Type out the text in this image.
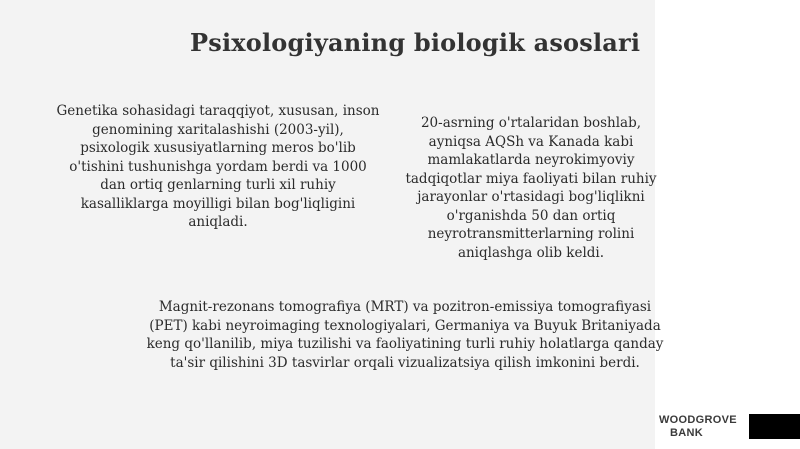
Psixologiyaning biologik asoslari
Genetika sohasidagi taraqqiyot, xususan, inson genomining xaritalashishi (2003-yil), psixologik xususiyatlarning meros bo'lib o'tishini tushunishga yordam berdi va 1000 dan ortiq genlarning turli xil ruhiy kasalliklarga moyilligi bilan bog'liqligini aniqladi.
20-asrning o'rtalaridan boshlab, ayniqsa AQSh va Kanada kabi mamlakatlarda neyrokimyoviy tadqiqotlar miya faoliyati bilan ruhiy jarayonlar o'rtasidagi bog'liqlikni o'rganishda 50 dan ortiq neyrotransmitterlarning rolini aniqlashga olib keldi.
Magnit-rezonans tomografiya (MRT) va pozitron-emissiya tomografiyasi (PET) kabi neyroimaging texnologiyalari, Germaniya va Buyuk Britaniyada keng qo'llanilib, miya tuzilishi va faoliyatining turli ruhiy holatlarga qanday ta'sir qilishini 3D tasvirlar orqali vizualizatsiya qilish imkonini berdi.
WOODGROVE
BANK
